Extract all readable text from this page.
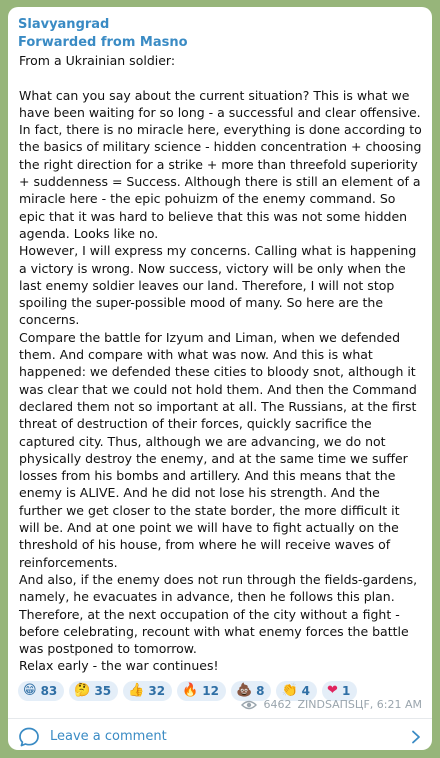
Slavyangrad
Forwarded from Masno

From a Ukrainian soldier:

What can you say about the current situation? This is what we have been waiting for so long - a successful and clear offensive. In fact, there is no miracle here, everything is done according to the basics of military science - hidden concentration + choosing the right direction for a strike + more than threefold superiority + suddenness = Success. Although there is still an element of a miracle here - the epic pohuizm of the enemy command. So epic that it was hard to believe that this was not some hidden agenda. Looks like no.

However, I will express my concerns. Calling what is happening a victory is wrong. Now success, victory will be only when the last enemy soldier leaves our land. Therefore, I will not stop spoiling the super-possible mood of many. So here are the concerns.

Compare the battle for Izyum and Liman, when we defended them. And compare with what was now. And this is what happened: we defended these cities to bloody snot, although it was clear that we could not hold them. And then the Command declared them not so important at all. The Russians, at the first threat of destruction of their forces, quickly sacrifice the captured city. Thus, although we are advancing, we do not physically destroy the enemy, and at the same time we suffer losses from his bombs and artillery. And this means that the enemy is ALIVE. And he did not lose his strength. And the further we get closer to the state border, the more difficult it will be. And at one point we will have to fight actually on the threshold of his house, from where he will receive waves of reinforcements.

And also, if the enemy does not run through the fields-gardens, namely, he evacuates in advance, then he follows this plan. Therefore, at the next occupation of the city without a fight - before celebrating, recount with what enemy forces the battle was postponed to tomorrow.

Relax early - the war continues!

😁 83 🤔 35 👍 32 🔥 12 💩 8 👏 4 ❤ 1
6462 ZINDSAПSЦF, 6:21 AM
Leave a comment
